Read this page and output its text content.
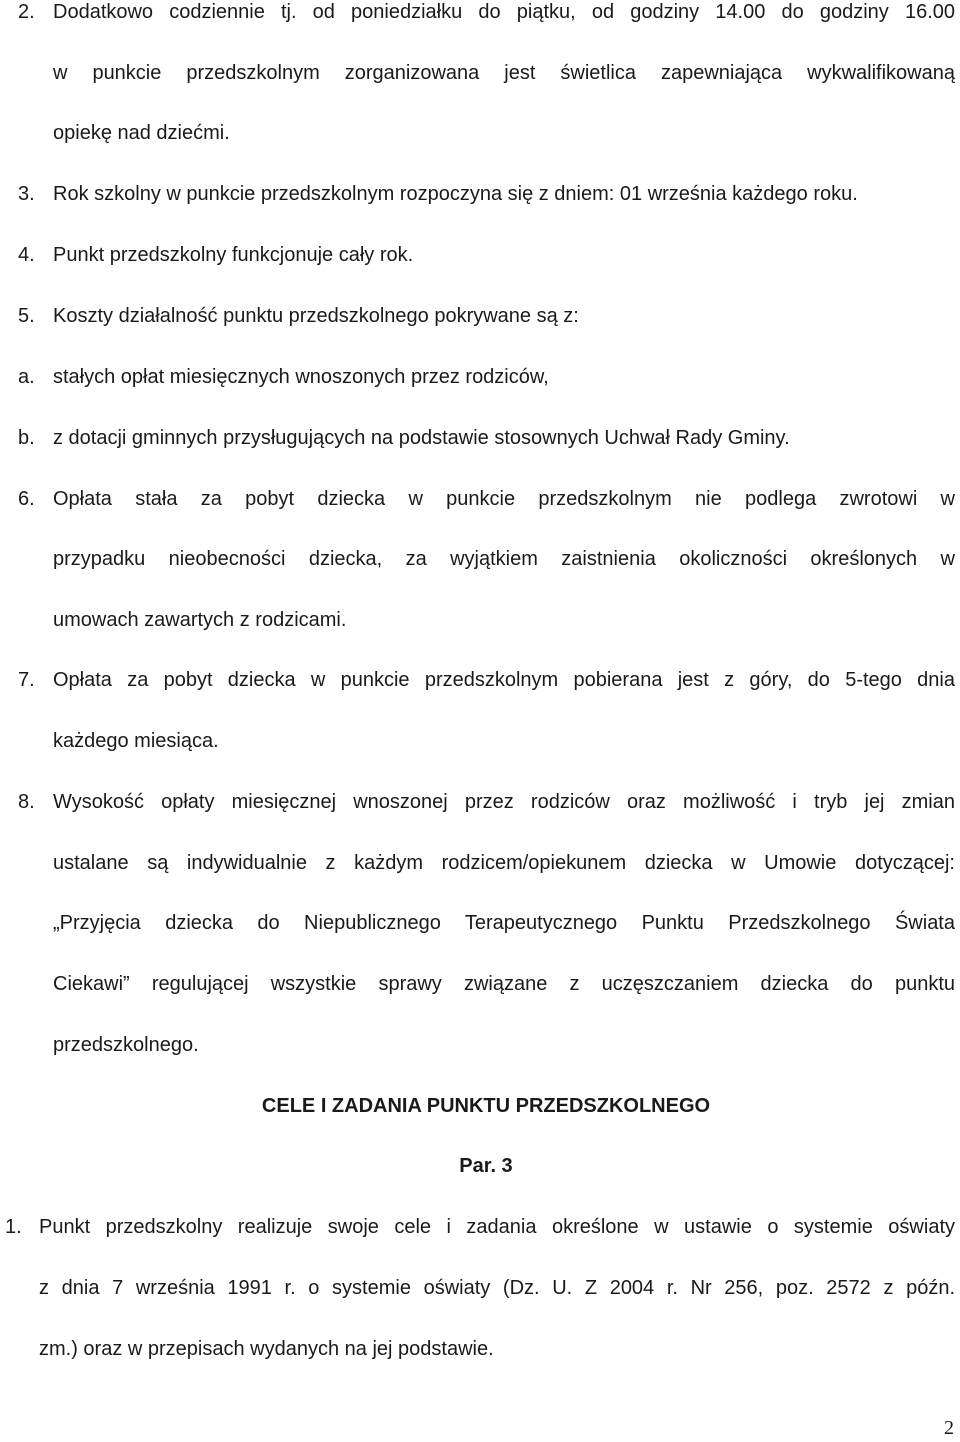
2. Dodatkowo codziennie tj. od poniedziałku do piątku, od godziny 14.00 do godziny 16.00
w punkcie przedszkolnym zorganizowana jest świetlica zapewniająca wykwalifikowaną
opiekę nad dziećmi.
3. Rok szkolny w punkcie przedszkolnym rozpoczyna się z dniem: 01 września każdego roku.
4. Punkt przedszkolny funkcjonuje cały rok.
5. Koszty działalność punktu przedszkolnego pokrywane są z:
a. stałych opłat miesięcznych wnoszonych przez rodziców,
b. z dotacji gminnych przysługujących na podstawie stosownych Uchwał Rady Gminy.
6. Opłata stała za pobyt dziecka w punkcie przedszkolnym nie podlega zwrotowi w
przypadku nieobecności dziecka, za wyjątkiem zaistnienia okoliczności określonych w
umowach zawartych z rodzicami.
7. Opłata za pobyt dziecka w punkcie przedszkolnym pobierana jest z góry, do 5-tego dnia
każdego miesiąca.
8. Wysokość opłaty miesięcznej wnoszonej przez rodziców oraz możliwość i tryb jej zmian
ustalane są indywidualnie z każdym rodzicem/opiekunem dziecka w Umowie dotyczącej:
„Przyjęcia dziecka do Niepublicznego Terapeutycznego Punktu Przedszkolnego Świata
Ciekawi” regulującej wszystkie sprawy związane z uczęszczaniem dziecka do punktu
przedszkolnego.
CELE I ZADANIA PUNKTU PRZEDSZKOLNEGO
Par. 3
1. Punkt przedszkolny realizuje swoje cele i zadania określone w ustawie o systemie oświaty
z dnia 7 września 1991 r. o systemie oświaty (Dz. U. Z 2004 r. Nr 256, poz. 2572 z późn.
zm.) oraz w przepisach wydanych na jej podstawie.
2
